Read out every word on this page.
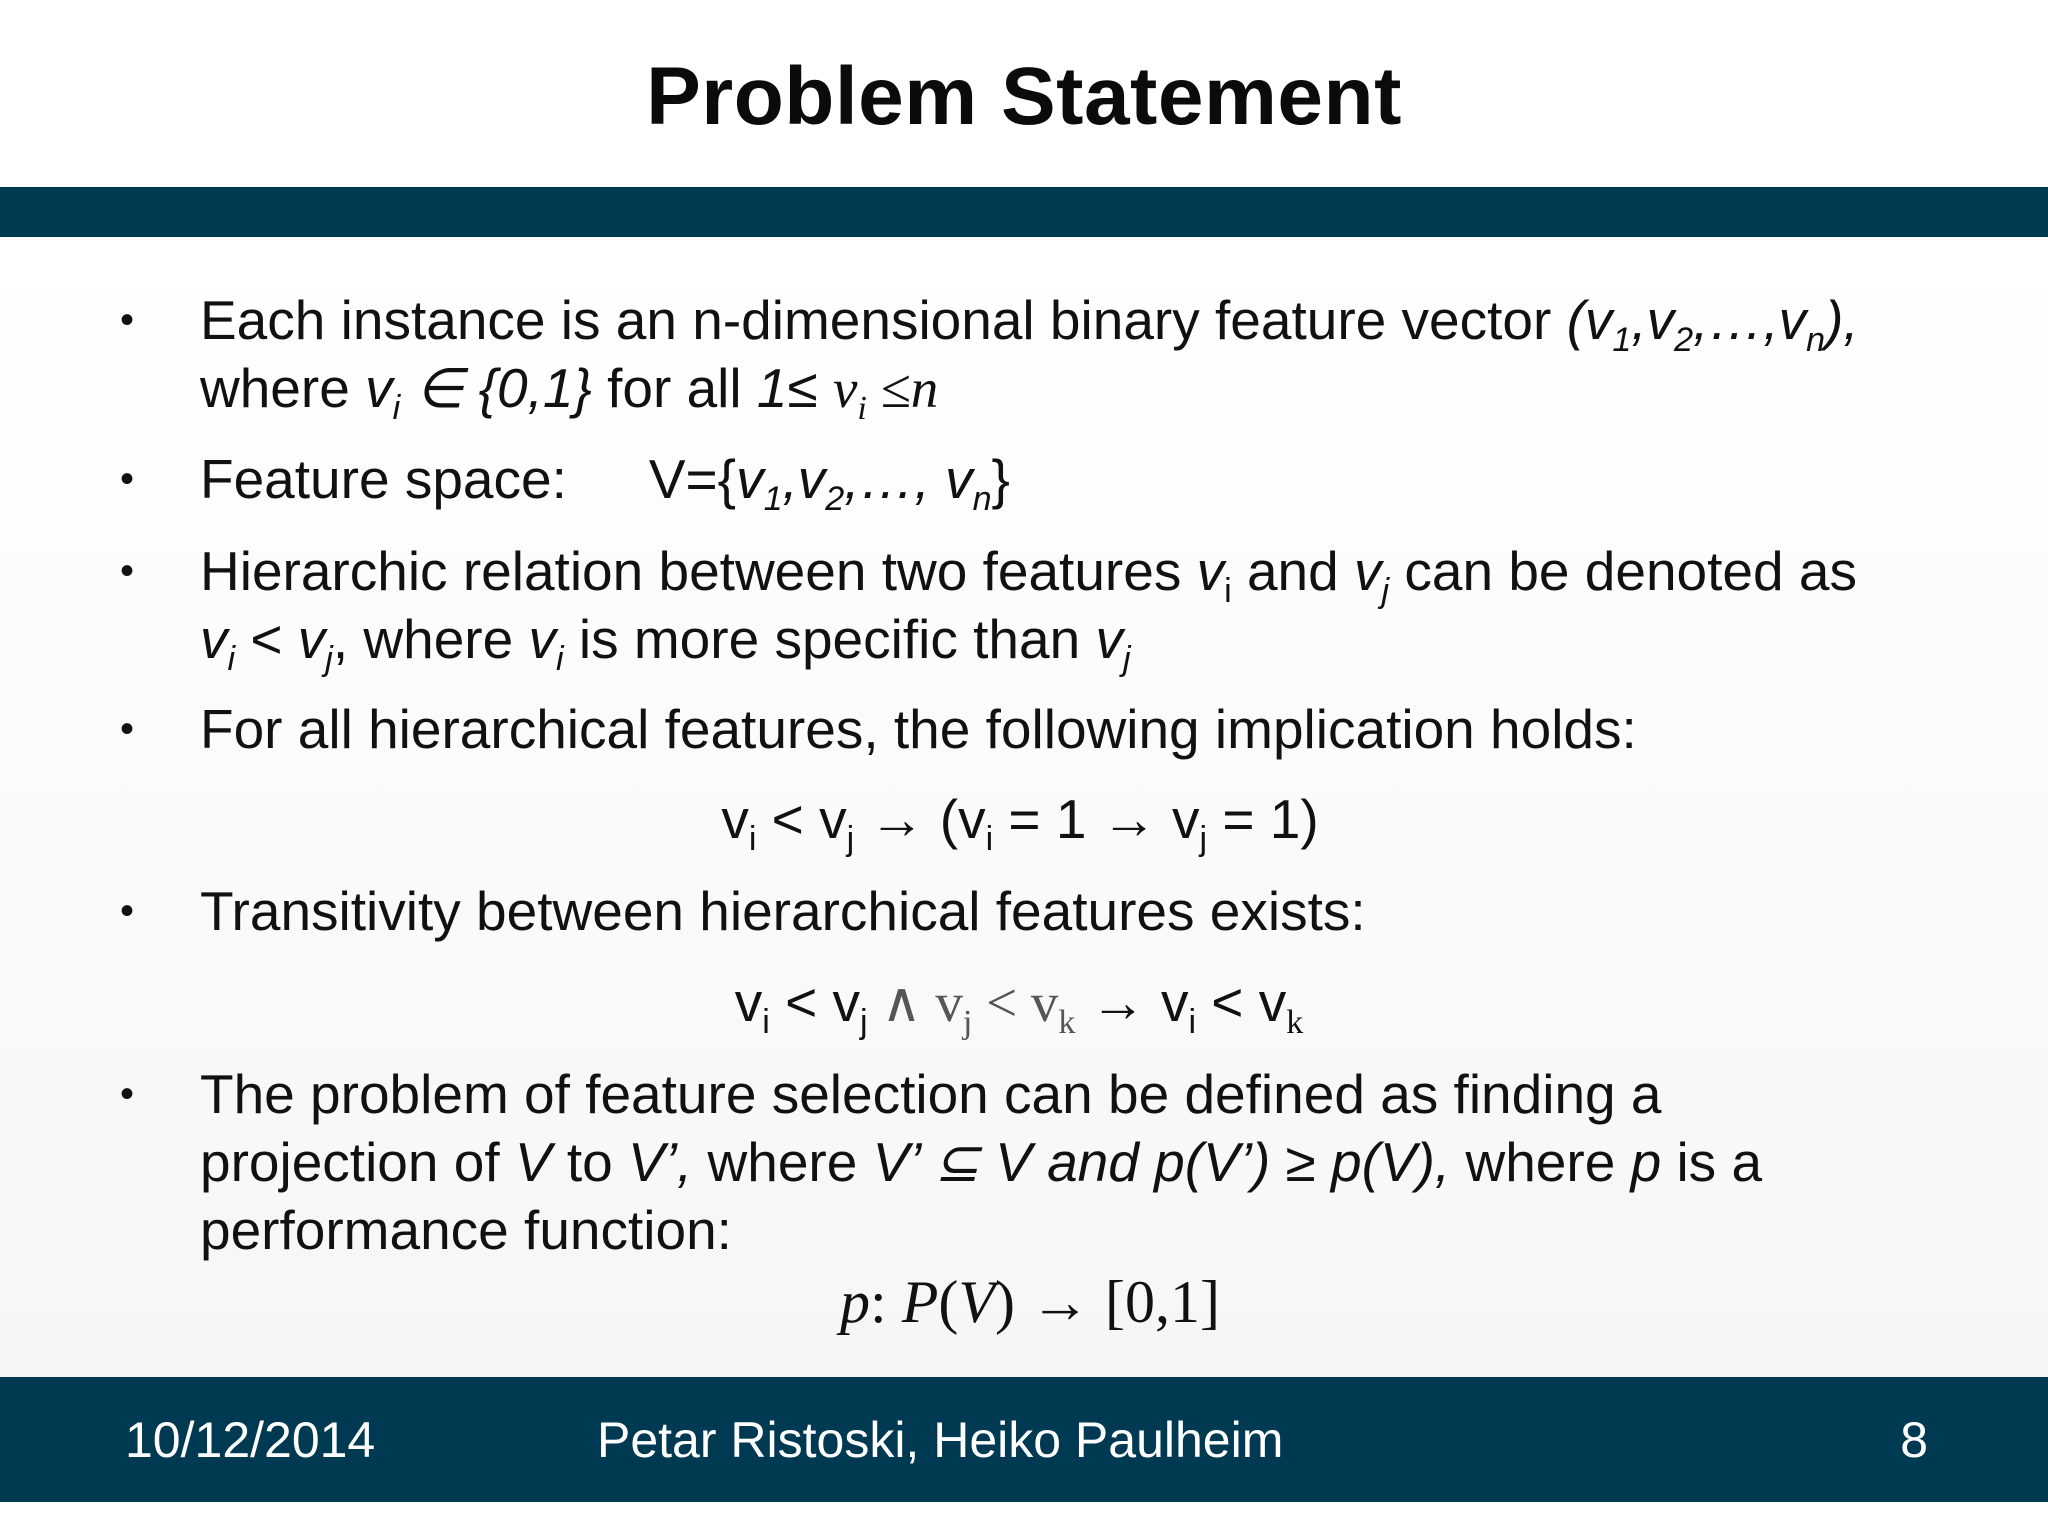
Problem Statement
• Each instance is an n-dimensional binary feature vector $(v_1,v_2,\dots,v_n)$,
where $v_i$ ∈ {0,1} for all $1\le v_i \le n$
• Feature space: $V=\{v_1,v_2,\dots$, $v_n$}
• Hierarchic relation between two features $v_i$ and $v_j$ can be denoted as
$v_i < v_j$, where $v_i$ is more specific than $v_j$
• For all hierarchical features, the following implication holds:
$v_i < v_j \to (v_i = 1 \to v_j = 1)$
• Transitivity between hierarchical features exists:
$v_i < v_j$ ∧ $v_j < v_k \to v_i < v_k$
• The problem of feature selection can be defined as finding a
projection of V to V’, where V’ ⊆ V and p(V’) ≥ p(V), where p is a
performance function:
p: P(V) → [0,1]
10/12/2014	Petar Ristoski, Heiko Paulheim	8
